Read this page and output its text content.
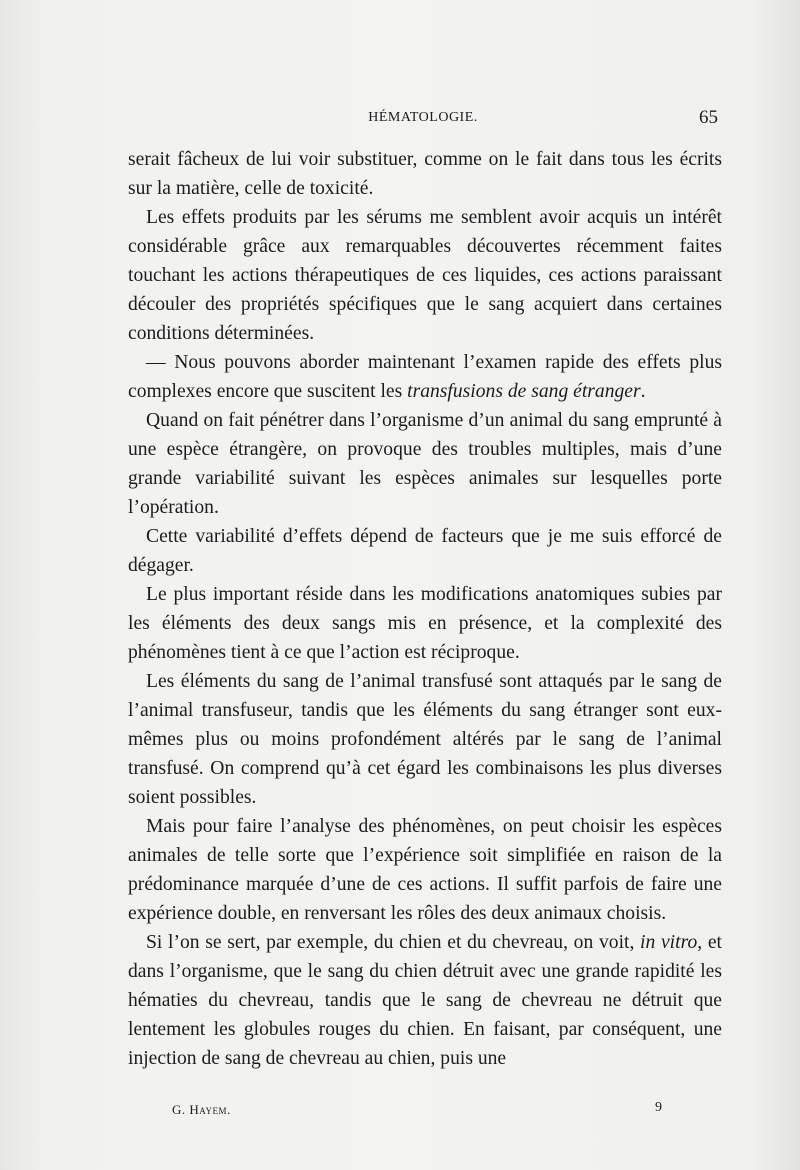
HÉMATOLOGIE.	65

serait fâcheux de lui voir substituer, comme on le fait dans tous les écrits sur la matière, celle de toxicité.

Les effets produits par les sérums me semblent avoir acquis un intérêt considérable grâce aux remarquables découvertes récemment faites touchant les actions thérapeutiques de ces liquides, ces actions paraissant découler des propriétés spécifiques que le sang acquiert dans certaines conditions déterminées.

— Nous pouvons aborder maintenant l’examen rapide des effets plus complexes encore que suscitent les transfusions de sang étranger.

Quand on fait pénétrer dans l’organisme d’un animal du sang emprunté à une espèce étrangère, on provoque des troubles multiples, mais d’une grande variabilité suivant les espèces animales sur lesquelles porte l’opération.

Cette variabilité d’effets dépend de facteurs que je me suis efforcé de dégager.

Le plus important réside dans les modifications anatomiques subies par les éléments des deux sangs mis en présence, et la complexité des phénomènes tient à ce que l’action est réciproque.

Les éléments du sang de l’animal transfusé sont attaqués par le sang de l’animal transfuseur, tandis que les éléments du sang étranger sont eux-mêmes plus ou moins profondément altérés par le sang de l’animal transfusé. On comprend qu’à cet égard les combinaisons les plus diverses soient possibles.

Mais pour faire l’analyse des phénomènes, on peut choisir les espèces animales de telle sorte que l’expérience soit simplifiée en raison de la prédominance marquée d’une de ces actions. Il suffit parfois de faire une expérience double, en renversant les rôles des deux animaux choisis.

Si l’on se sert, par exemple, du chien et du chevreau, on voit, in vitro, et dans l’organisme, que le sang du chien détruit avec une grande rapidité les hématies du chevreau, tandis que le sang de chevreau ne détruit que lentement les globules rouges du chien. En faisant, par conséquent, une injection de sang de chevreau au chien, puis une

G. Hayem.	9
